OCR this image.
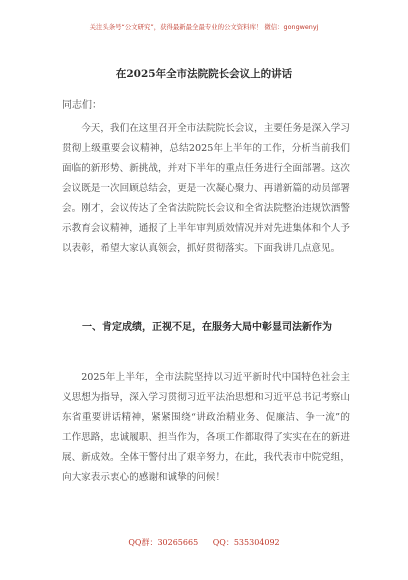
关注头条号“公文研究”，获得最新最全最专业的公文资料库！ 微信：gongwenyj
在2025年全市法院院长会议上的讲话
同志们：

今天，我们在这里召开全市法院院长会议，主要任务是深入学习贯彻上级重要会议精神，总结2025年上半年的工作，分析当前我们面临的新形势、新挑战，并对下半年的重点任务进行全面部署。这次会议既是一次回顾总结会，更是一次凝心聚力、再谱新篇的动员部署会。刚才，会议传达了全省法院院长会议和全省法院整治违规饮酒警示教育会议精神，通报了上半年审判质效情况并对先进集体和个人予以表彰，希望大家认真领会，抓好贯彻落实。下面我讲几点意见。

一、肯定成绩，正视不足，在服务大局中彰显司法新作为

2025年上半年，全市法院坚持以习近平新时代中国特色社会主义思想为指导，深入学习贯彻习近平法治思想和习近平总书记考察山东省重要讲话精神，紧紧围绕“讲政治精业务、促廉洁、争一流”的工作思路，忠诚履职、担当作为，各项工作都取得了实实在在的新进展、新成效。全体干警付出了艰辛努力，在此，我代表市中院党组，向大家表示衷心的感谢和诚挚的问候！

QQ群：30265665 QQ：535304092
